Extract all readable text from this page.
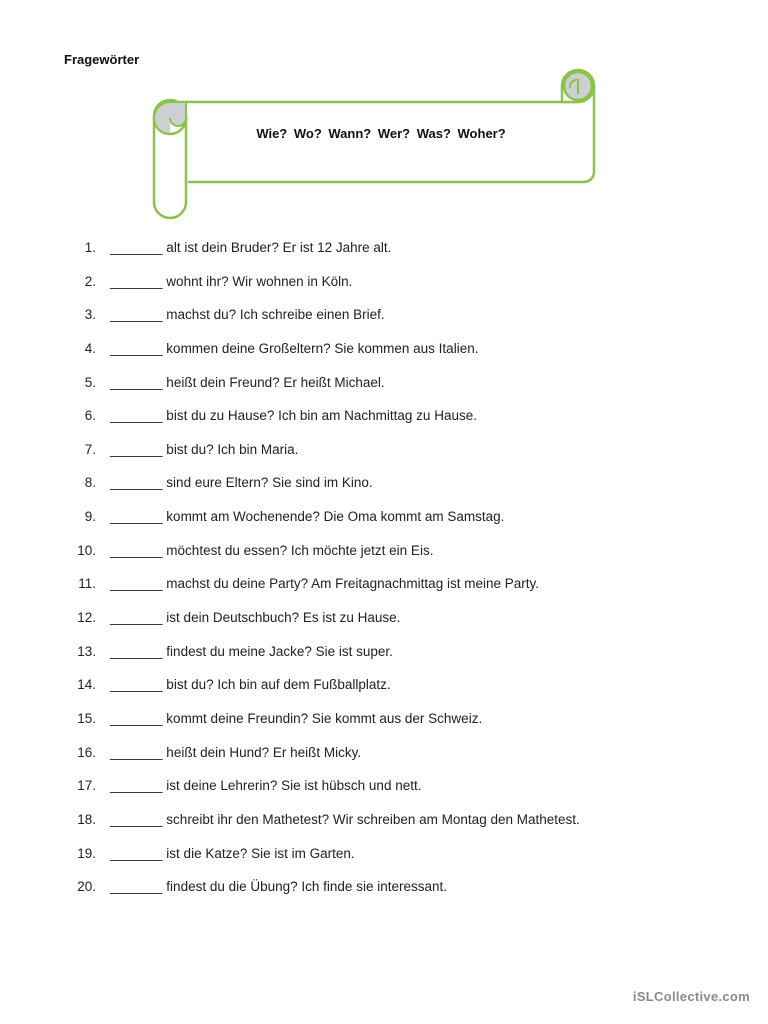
Fragewörter
Wie? Wo? Wann? Wer? Was? Woher?
1. _______ alt ist dein Bruder? Er ist 12 Jahre alt.
2. _______ wohnt ihr? Wir wohnen in Köln.
3. _______ machst du? Ich schreibe einen Brief.
4. _______ kommen deine Großeltern? Sie kommen aus Italien.
5. _______ heißt dein Freund? Er heißt Michael.
6. _______ bist du zu Hause? Ich bin am Nachmittag zu Hause.
7. _______ bist du? Ich bin Maria.
8. _______ sind eure Eltern? Sie sind im Kino.
9. _______ kommt am Wochenende? Die Oma kommt am Samstag.
10. _______ möchtest du essen? Ich möchte jetzt ein Eis.
11. _______ machst du deine Party? Am Freitagnachmittag ist meine Party.
12. _______ ist dein Deutschbuch? Es ist zu Hause.
13. _______ findest du meine Jacke? Sie ist super.
14. _______ bist du? Ich bin auf dem Fußballplatz.
15. _______ kommt deine Freundin? Sie kommt aus der Schweiz.
16. _______ heißt dein Hund? Er heißt Micky.
17. _______ ist deine Lehrerin? Sie ist hübsch und nett.
18. _______ schreibt ihr den Mathetest? Wir schreiben am Montag den Mathetest.
19. _______ ist die Katze? Sie ist im Garten.
20. _______ findest du die Übung? Ich finde sie interessant.
iSLCollective.com
